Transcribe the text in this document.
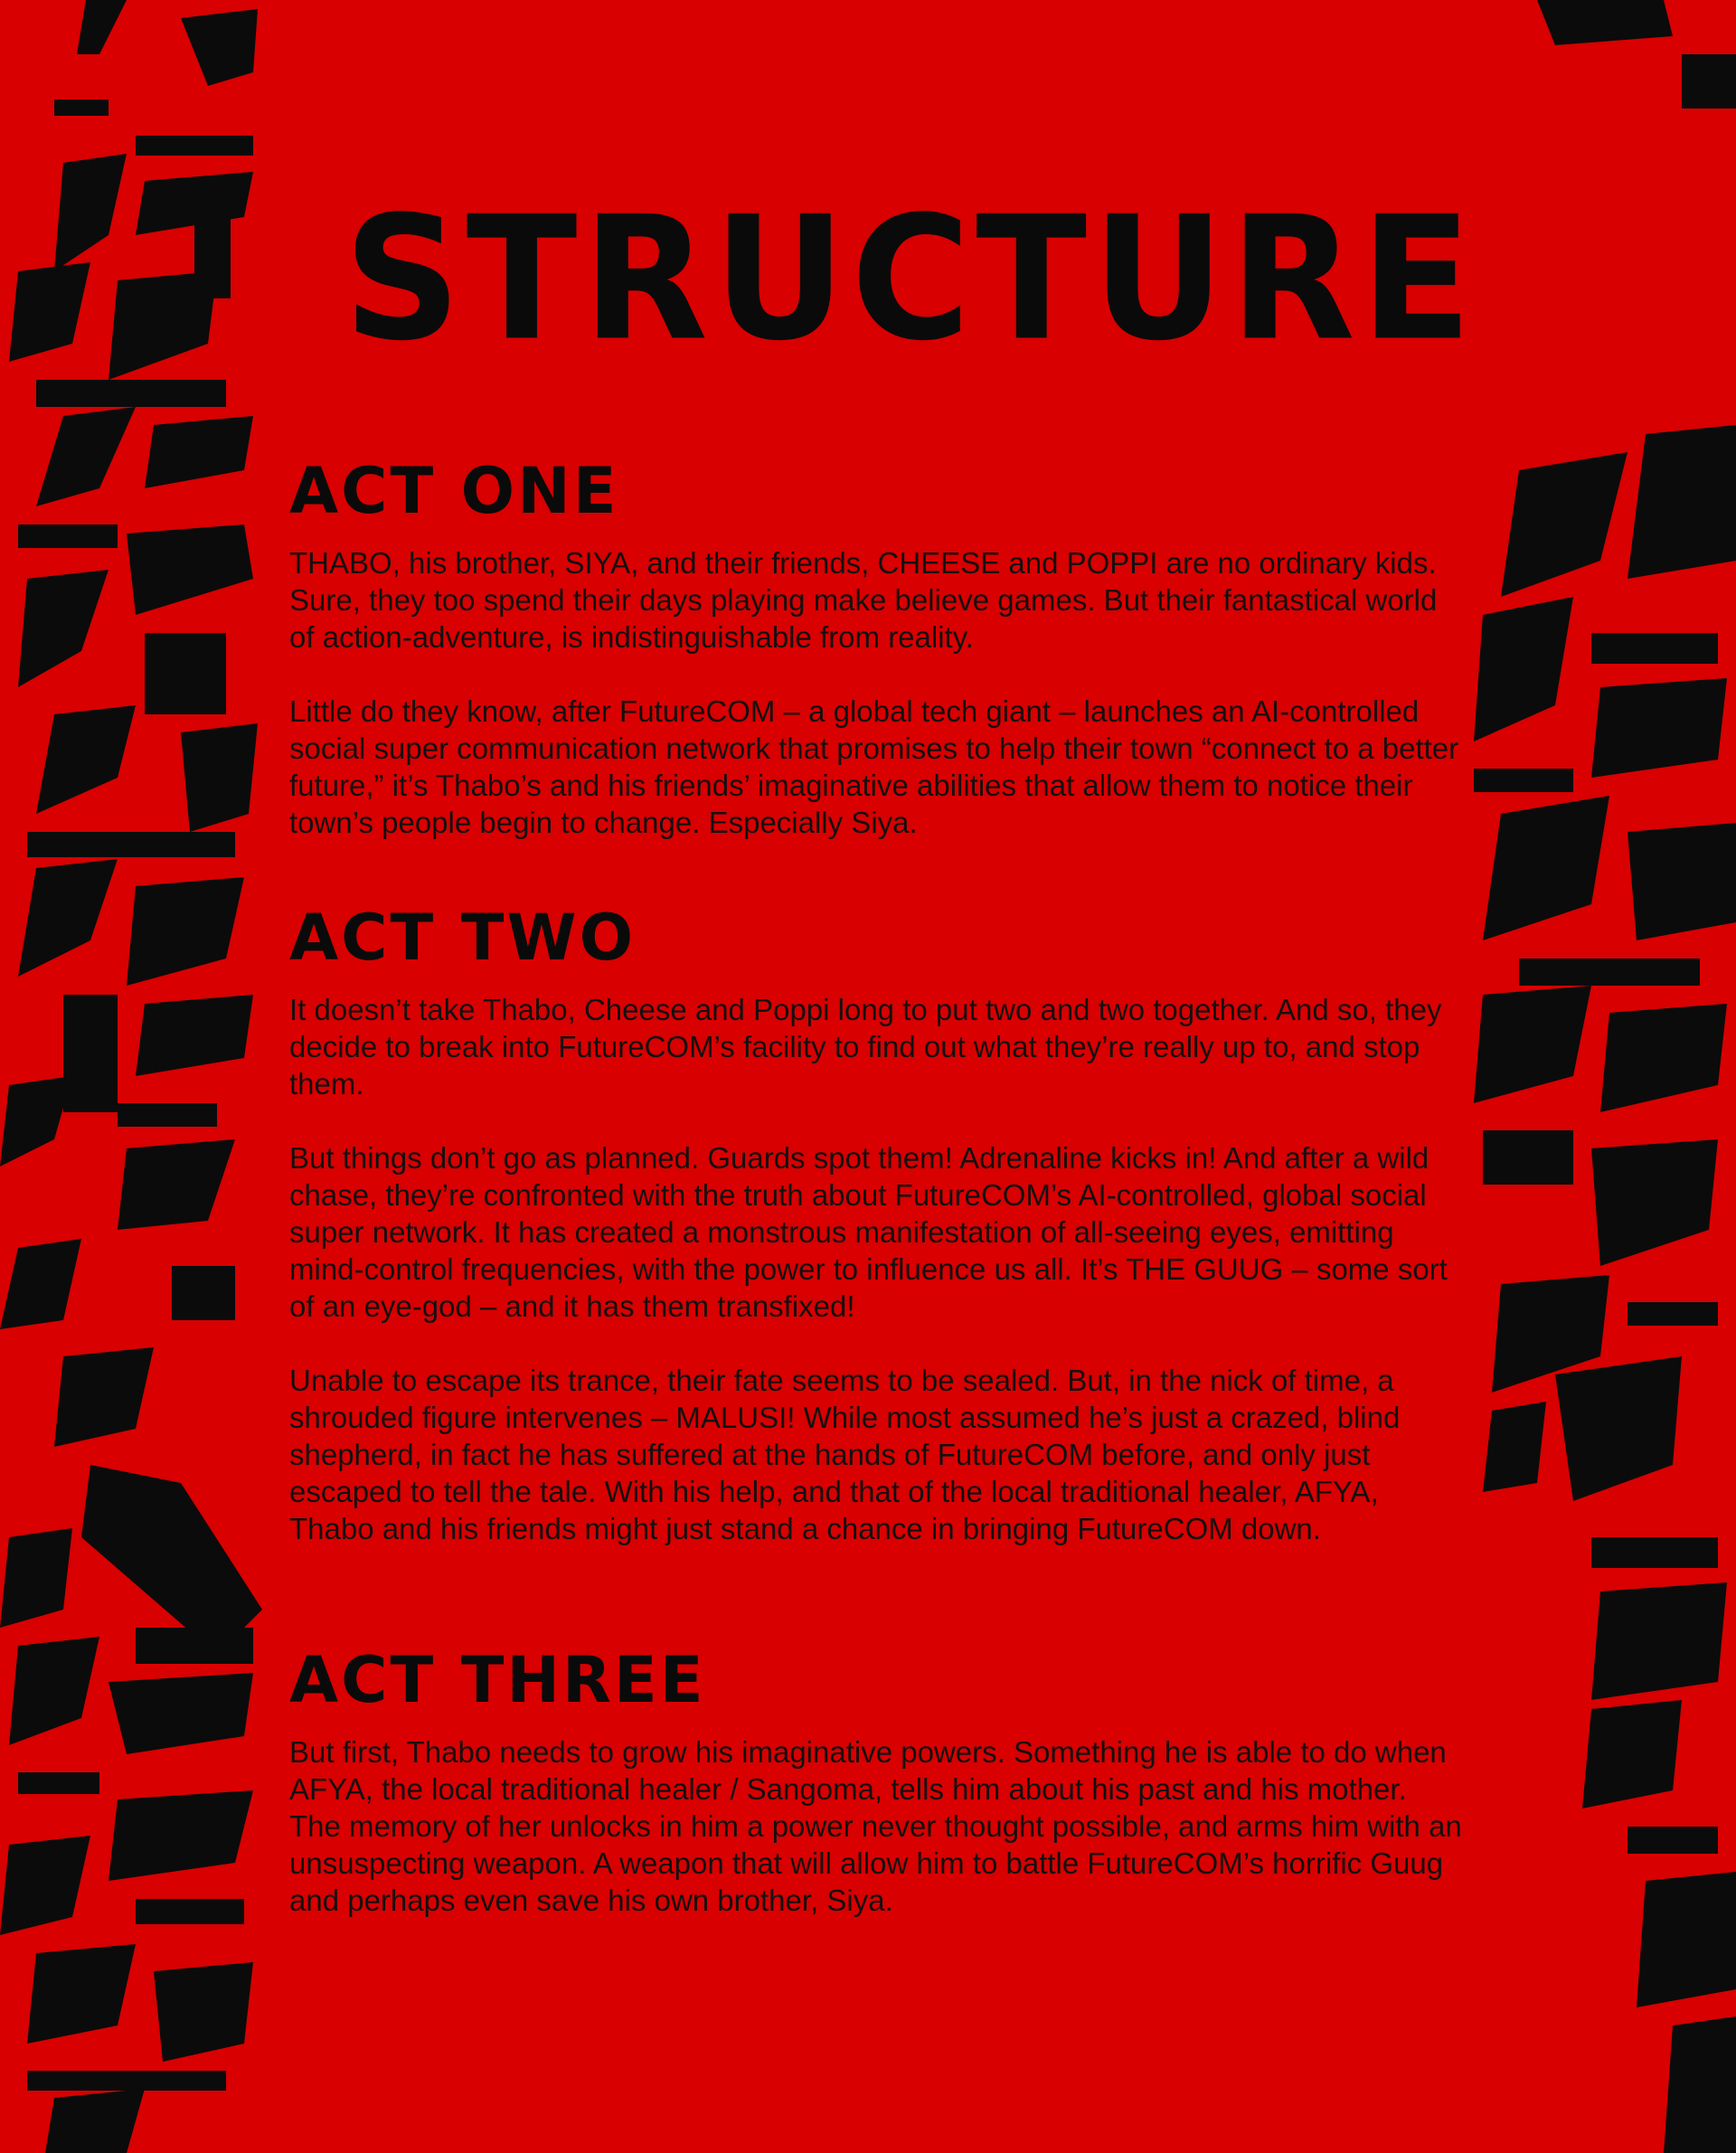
STRUCTURE
ACT ONE

THABO, his brother, SIYA, and their friends, CHEESE and POPPI are no ordinary kids. Sure, they too spend their days playing make believe games. But their fantastical world of action-adventure, is indistinguishable from reality.

Little do they know, after FutureCOM – a global tech giant – launches an AI-controlled social super communication network that promises to help their town “connect to a better future,” it’s Thabo’s and his friends’ imaginative abilities that allow them to notice their town’s people begin to change. Especially Siya.

ACT TWO

It doesn’t take Thabo, Cheese and Poppi long to put two and two together. And so, they decide to break into FutureCOM’s facility to find out what they’re really up to, and stop them.

But things don’t go as planned. Guards spot them! Adrenaline kicks in! And after a wild chase, they’re confronted with the truth about FutureCOM’s AI-controlled, global social super network. It has created a monstrous manifestation of all-seeing eyes, emitting mind-control frequencies, with the power to influence us all. It’s THE GUUG – some sort of an eye-god – and it has them transfixed!

Unable to escape its trance, their fate seems to be sealed. But, in the nick of time, a shrouded figure intervenes – MALUSI! While most assumed he’s just a crazed, blind shepherd, in fact he has suffered at the hands of FutureCOM before, and only just escaped to tell the tale. With his help, and that of the local traditional healer, AFYA, Thabo and his friends might just stand a chance in bringing FutureCOM down.

ACT THREE

But first, Thabo needs to grow his imaginative powers. Something he is able to do when AFYA, the local traditional healer / Sangoma, tells him about his past and his mother. The memory of her unlocks in him a power never thought possible, and arms him with an unsuspecting weapon. A weapon that will allow him to battle FutureCOM’s horrific Guug and perhaps even save his own brother, Siya.
